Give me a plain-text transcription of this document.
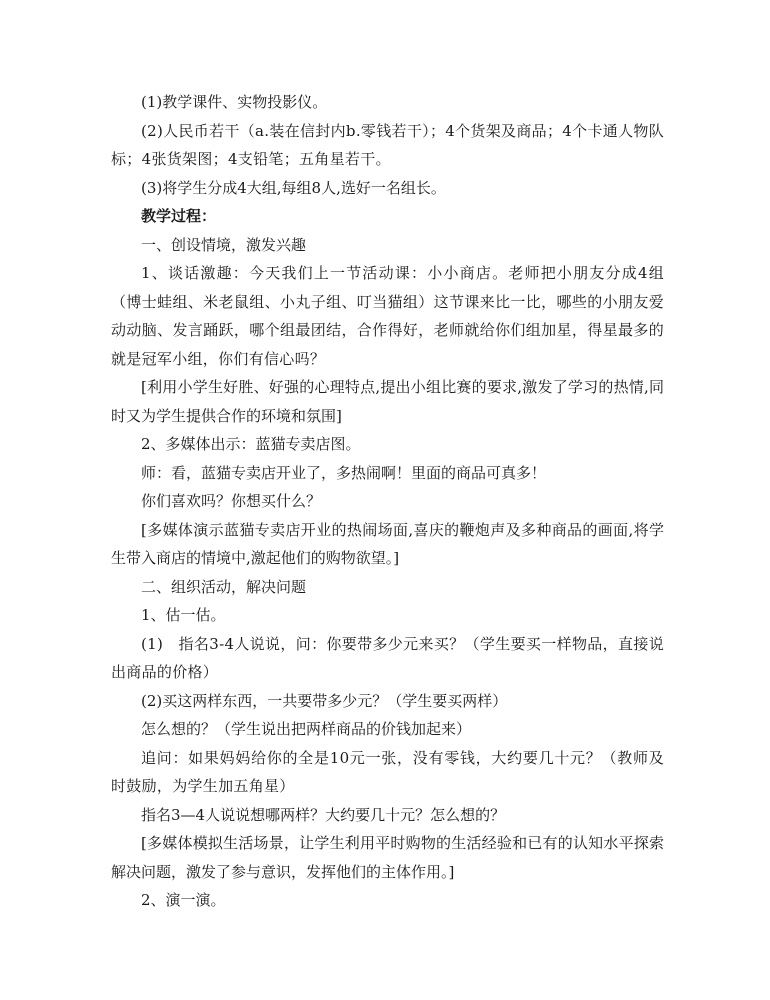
(1)教学课件、实物投影仪。

(2)人民币若干（a.装在信封内b.零钱若干）；4个货架及商品；4个卡通人物队标；4张货架图；4支铅笔；五角星若干。

(3)将学生分成4大组,每组8人,选好一名组长。

教学过程：

一、创设情境，激发兴趣

1、谈话激趣：今天我们上一节活动课：小小商店。老师把小朋友分成4组（博士蛙组、米老鼠组、小丸子组、叮当猫组）这节课来比一比，哪些的小朋友爱动动脑、发言踊跃，哪个组最团结，合作得好，老师就给你们组加星，得星最多的就是冠军小组，你们有信心吗？

[利用小学生好胜、好强的心理特点,提出小组比赛的要求,激发了学习的热情,同时又为学生提供合作的环境和氛围]

2、多媒体出示：蓝猫专卖店图。

师：看，蓝猫专卖店开业了，多热闹啊！里面的商品可真多！

你们喜欢吗？你想买什么？

[多媒体演示蓝猫专卖店开业的热闹场面,喜庆的鞭炮声及多种商品的画面,将学生带入商店的情境中,激起他们的购物欲望。]

二、组织活动，解决问题

1、估一估。

(1)　指名3-4人说说，问：你要带多少元来买？（学生要买一样物品，直接说出商品的价格）

(2)买这两样东西，一共要带多少元？（学生要买两样）

怎么想的？（学生说出把两样商品的价钱加起来）

追问：如果妈妈给你的全是10元一张，没有零钱，大约要几十元？（教师及时鼓励，为学生加五角星）

指名3—4人说说想哪两样？大约要几十元？怎么想的？

[多媒体模拟生活场景，让学生利用平时购物的生活经验和已有的认知水平探索解决问题，激发了参与意识，发挥他们的主体作用。]

2、演一演。
